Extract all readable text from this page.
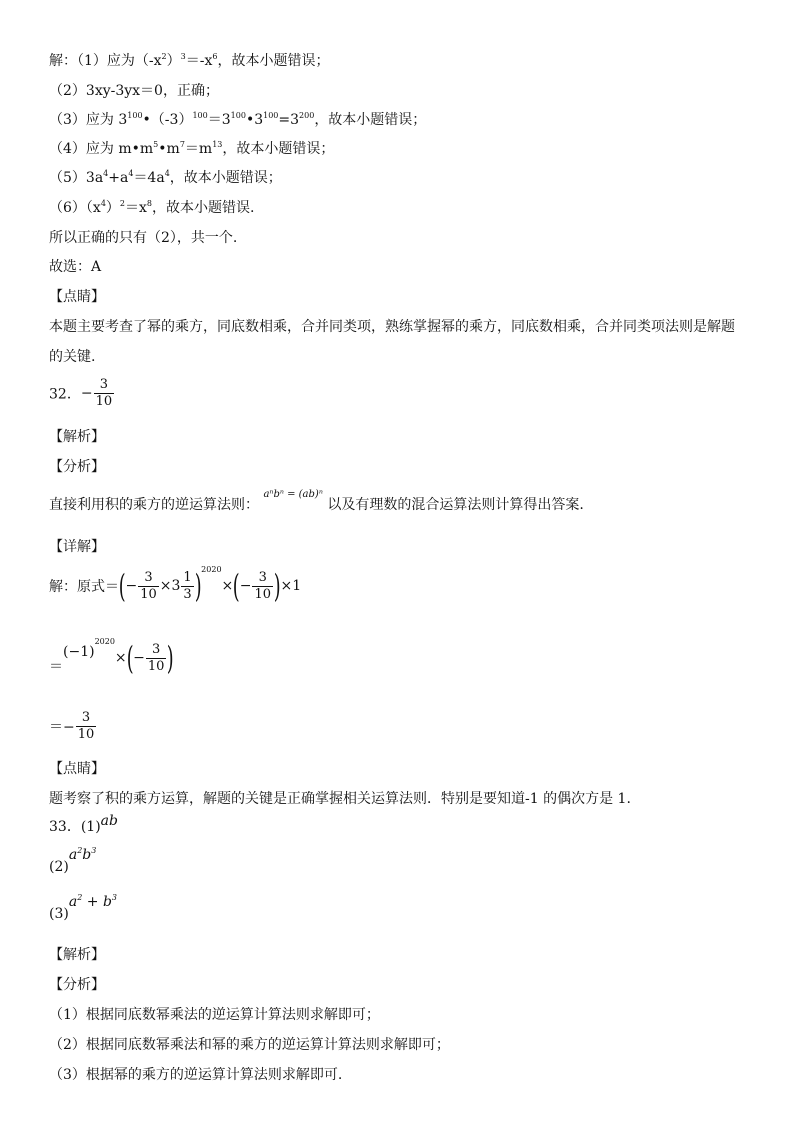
解：（1）应为$(-x^2)^3=-x^6$，故本小题错误；
（2）3xy-3yx＝0，正确；
（3）应为 $3^{100}•(-3)^{100}=3^{100}•3^{100}=3^{200}$，故本小题错误；
（4）应为 $m•m^5•m^7=m^{13}$，故本小题错误；
$(5)3a^4+a^4=4a^4$，故本小题错误；
$(6)(x^4)^2=x^8$，故本小题错误.
所以正确的只有（2），共一个.
故选：A
【点睛】
本题主要考查了幂的乘方，同底数相乘，合并同类项，熟练掌握幂的乘方，同底数相乘，合并同类项法则是解题
的关键.
32．− $\frac{3}{10}$
【解析】
【分析】
直接利用积的乘方的逆运算法则： $^{a^nb^n = (ab)^n}$ 以及有理数的混合运算法则计算得出答案.
【详解】
解：原式＝(− $\frac{3}{10} \times 3 \frac{1}{3} )^{2020}\times(- \frac{3}{10} )\times 1$
$=(-1)^{2020}\times(- \frac{3}{10}$ )
＝− $\frac{3}{10}$
【点睛】
题考察了积的乘方运算，解题的关键是正确掌握相关运算法则．特别是要知道-1 的偶次方是 1.
33．(1)ab
$(2)a^2b^3$
$(3)a^2 + b^3$
【解析】
【分析】
（1）根据同底数幂乘法的逆运算计算法则求解即可；
（2）根据同底数幂乘法和幂的乘方的逆运算计算法则求解即可；
（3）根据幂的乘方的逆运算计算法则求解即可.
